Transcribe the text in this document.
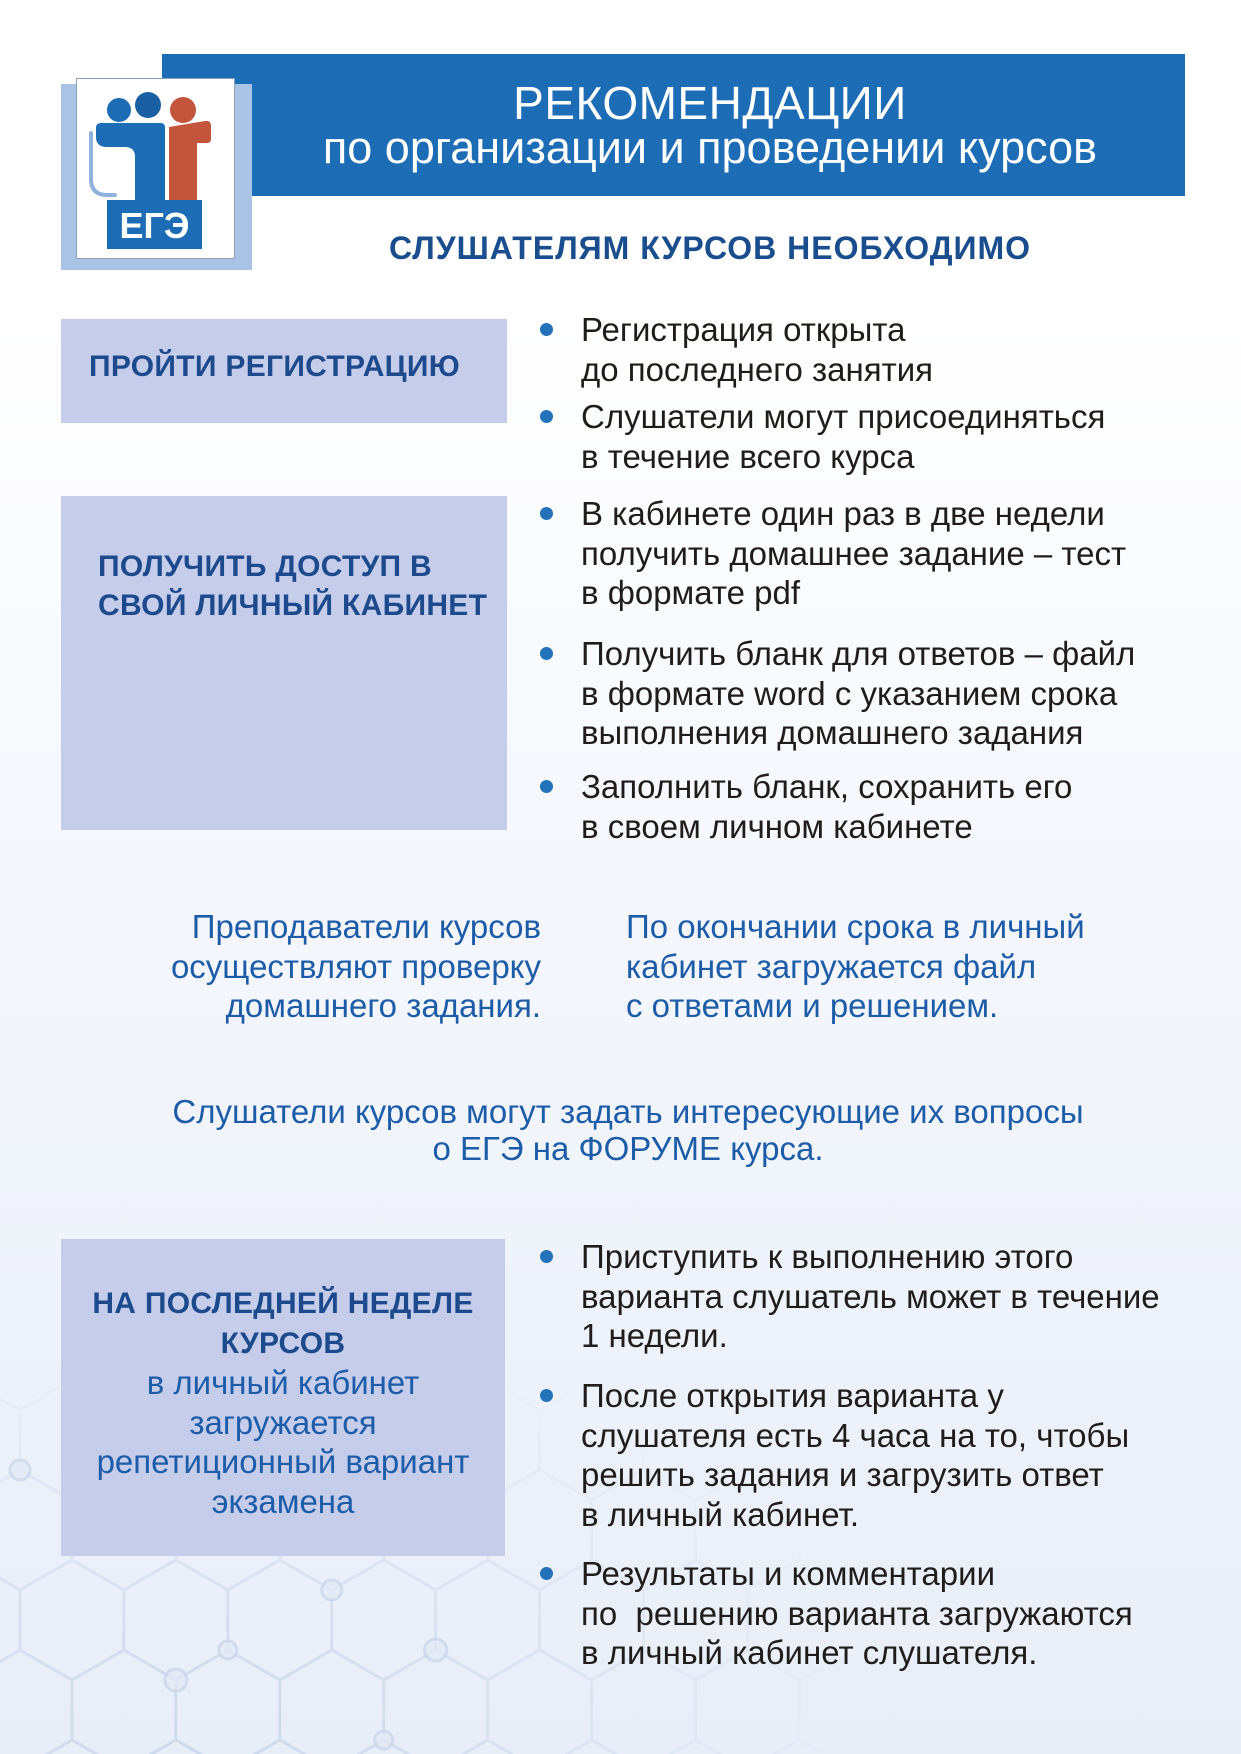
РЕКОМЕНДАЦИИ
по организации и проведении курсов
ЕГЭ
СЛУШАТЕЛЯМ КУРСОВ НЕОБХОДИМО
ПРОЙТИ РЕГИСТРАЦИЮ
Регистрация открыта
до последнего занятия
Слушатели могут присоединяться
в течение всего курса
ПОЛУЧИТЬ ДОСТУП В
СВОЙ ЛИЧНЫЙ КАБИНЕТ
В кабинете один раз в две недели
получить домашнее задание – тест
в формате pdf
Получить бланк для ответов – файл
в формате word с указанием срока
выполнения домашнего задания
Заполнить бланк, сохранить его
в своем личном кабинете
Преподаватели курсов
осуществляют проверку
домашнего задания.
По окончании срока в личный
кабинет загружается файл
с ответами и решением.
Слушатели курсов могут задать интересующие их вопросы
о ЕГЭ на ФОРУМЕ курса.
НА ПОСЛЕДНЕЙ НЕДЕЛЕ
КУРСОВ
в личный кабинет
загружается
репетиционный вариант
экзамена
Приступить к выполнению этого
варианта слушатель может в течение
1 недели.
После открытия варианта у
слушателя есть 4 часа на то, чтобы
решить задания и загрузить ответ
в личный кабинет.
Результаты и комментарии
по  решению варианта загружаются
в личный кабинет слушателя.
